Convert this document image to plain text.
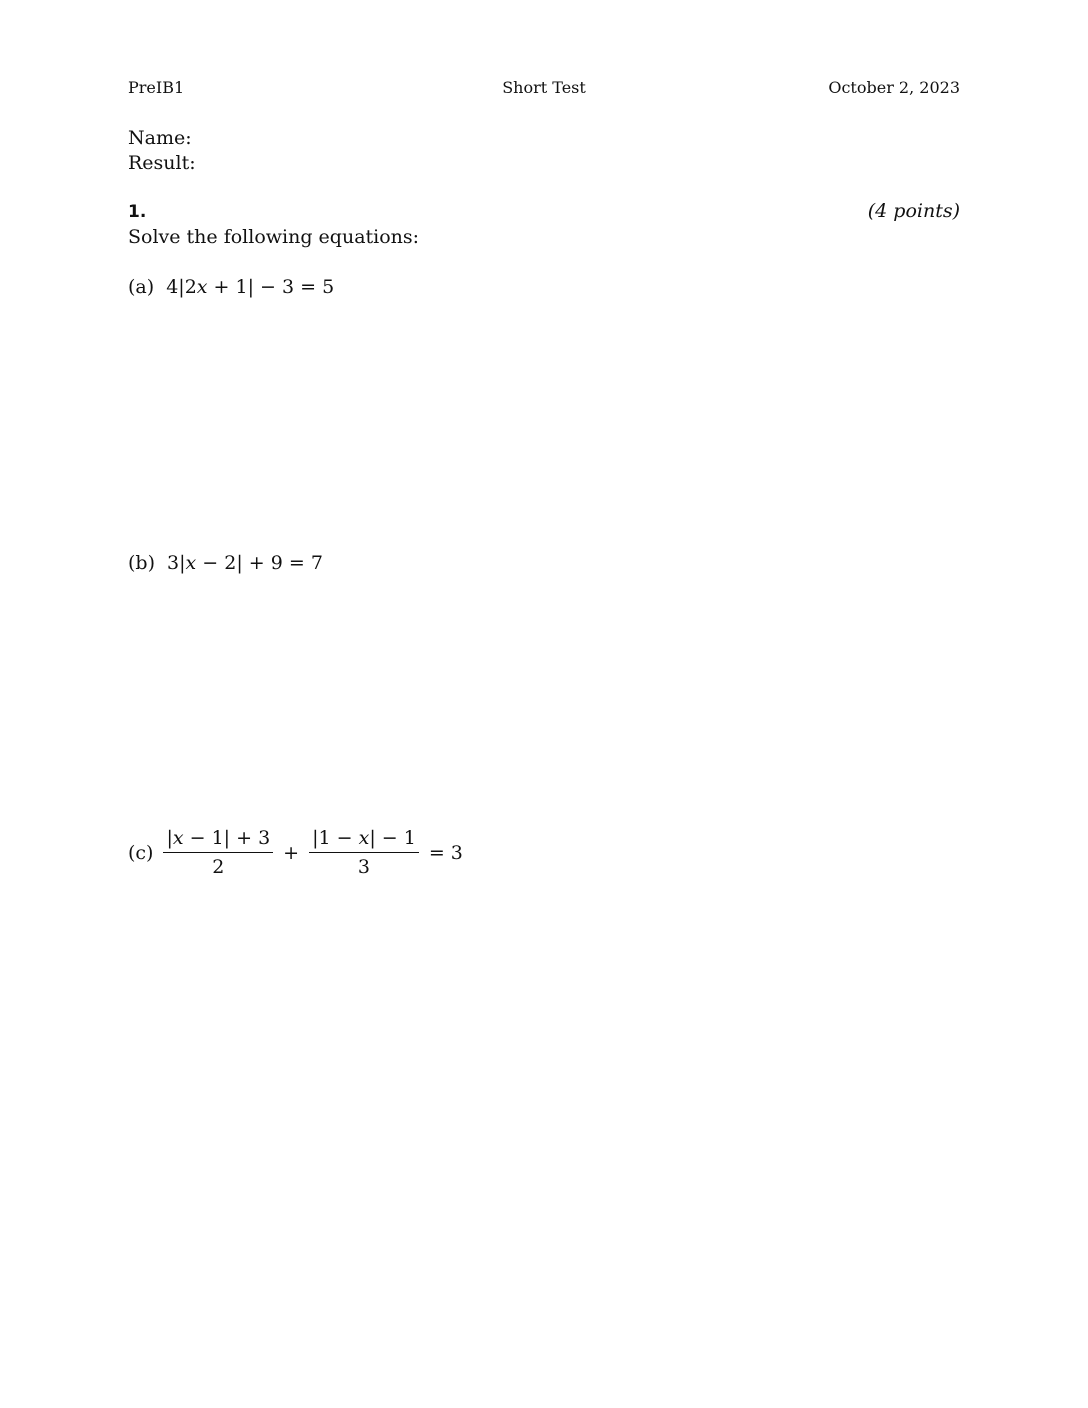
PreIB1	Short Test	October 2, 2023
Name:
Result:
1.	(4 points)
Solve the following equations:
(a) 4|2x + 1| − 3 = 5
(b) 3|x − 2| + 9 = 7
$(c) \frac{|x - 1| + 3}{2} + \frac{|1 - x| - 1}{3} = 3$
